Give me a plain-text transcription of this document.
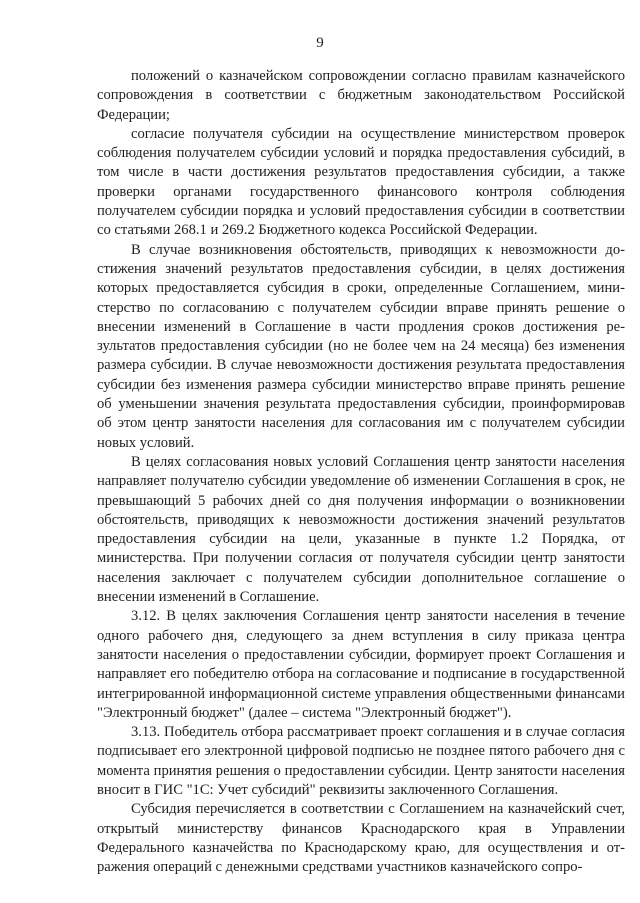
9

положений о казначейском сопровождении согласно правилам казначейского сопровождения в соответствии с бюджетным законодательством Российской Федерации;

согласие получателя субсидии на осуществление министерством проверок соблюдения получателем субсидии условий и порядка предоставления субсидий, в том числе в части достижения результатов предоставления субсидии, а также проверки органами государственного финансового контроля соблюдения получателем субсидии порядка и условий предоставления субсидии в соответствии со статьями 268.1 и 269.2 Бюджетного кодекса Российской Федерации.

В случае возникновения обстоятельств, приводящих к невозможности достижения значений результатов предоставления субсидии, в целях достижения которых предоставляется субсидия в сроки, определенные Соглашением, министерство по согласованию с получателем субсидии вправе принять решение о внесении изменений в Соглашение в части продления сроков достижения результатов предоставления субсидии (но не более чем на 24 месяца) без изменения размера субсидии. В случае невозможности достижения результата предоставления субсидии без изменения размера субсидии министерство вправе принять решение об уменьшении значения результата предоставления субсидии, проинформировав об этом центр занятости населения для согласования им с получателем субсидии новых условий.

В целях согласования новых условий Соглашения центр занятости населения направляет получателю субсидии уведомление об изменении Соглашения в срок, не превышающий 5 рабочих дней со дня получения информации о возникновении обстоятельств, приводящих к невозможности достижения значений результатов предоставления субсидии на цели, указанные в пункте 1.2 Порядка, от министерства. При получении согласия от получателя субсидии центр занятости населения заключает с получателем субсидии дополнительное соглашение о внесении изменений в Соглашение.

3.12. В целях заключения Соглашения центр занятости населения в течение одного рабочего дня, следующего за днем вступления в силу приказа центра занятости населения о предоставлении субсидии, формирует проект Соглашения и направляет его победителю отбора на согласование и подписание в государственной интегрированной информационной системе управления общественными финансами "Электронный бюджет" (далее – система "Электронный бюджет").

3.13. Победитель отбора рассматривает проект соглашения и в случае согласия подписывает его электронной цифровой подписью не позднее пятого рабочего дня с момента принятия решения о предоставлении субсидии. Центр занятости населения вносит в ГИС "1С: Учет субсидий" реквизиты заключенного Соглашения.

Субсидия перечисляется в соответствии с Соглашением на казначейский счет, открытый министерству финансов Краснодарского края в Управлении Федерального казначейства по Краснодарскому краю, для осуществления и отражения операций с денежными средствами участников казначейского сопро-
